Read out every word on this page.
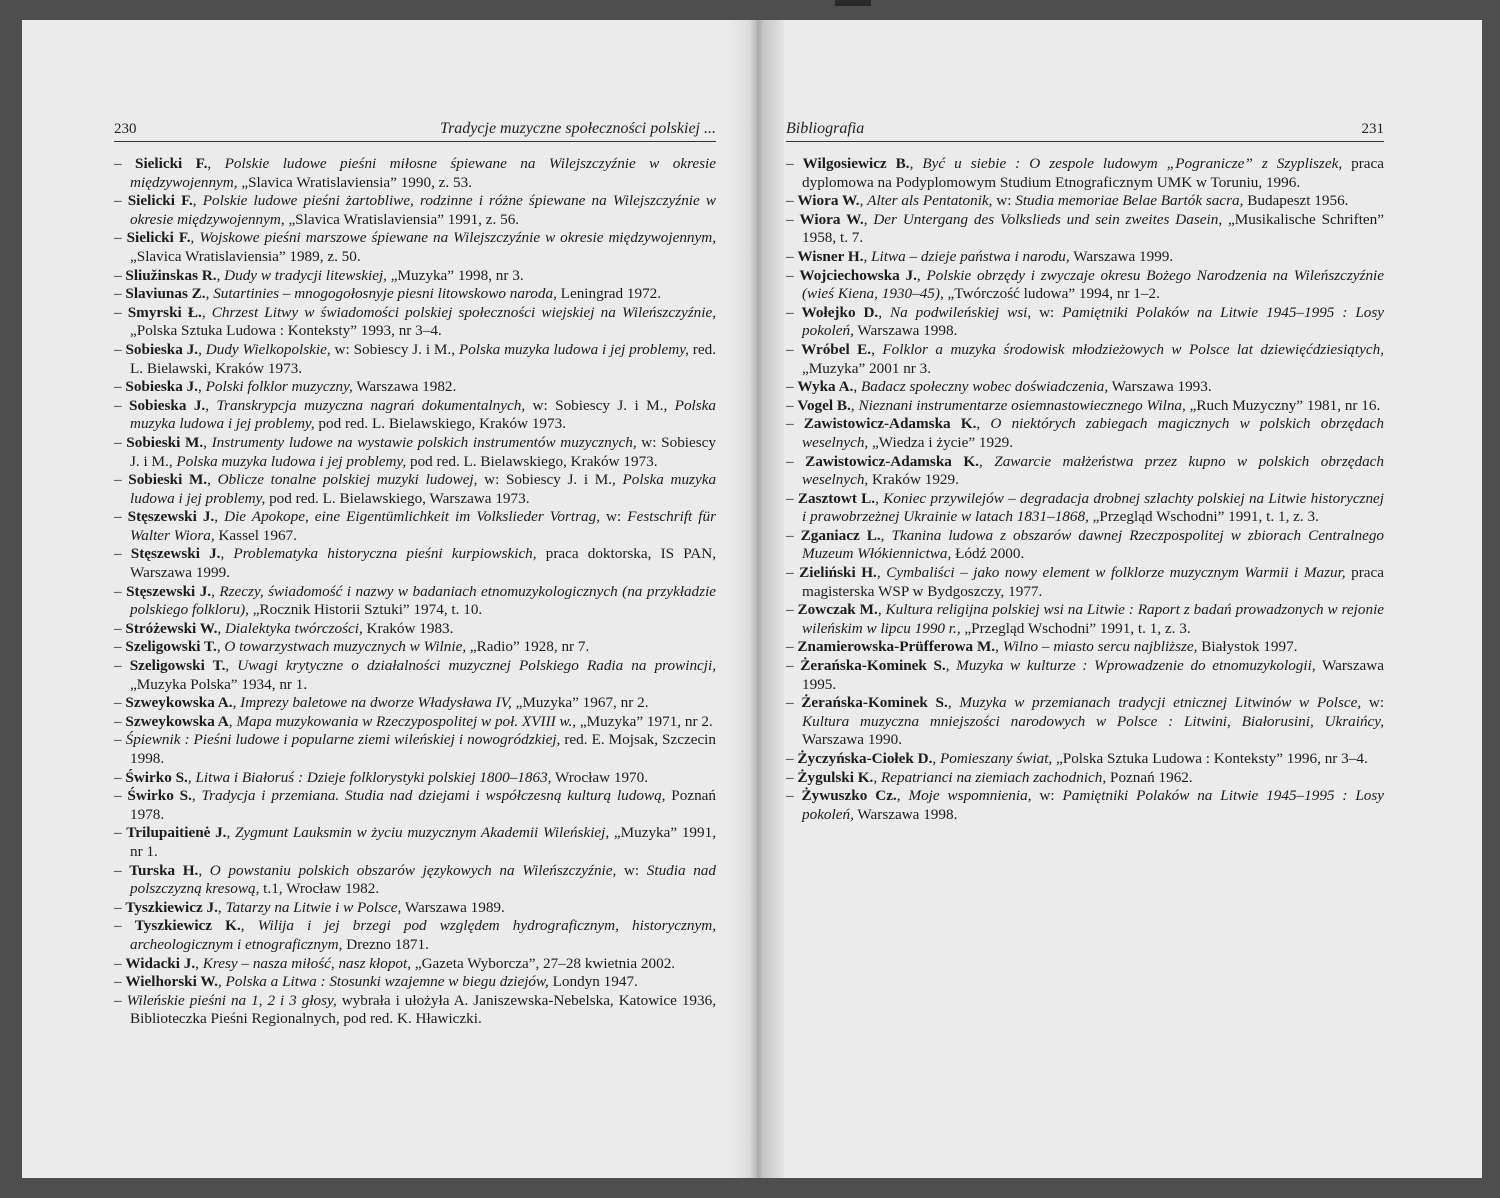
230	Tradycje muzyczne społeczności polskiej ...

– Sielicki F., Polskie ludowe pieśni miłosne śpiewane na Wilejszczyźnie w okresie międzywojennym, „Slavica Wratislaviensia” 1990, z. 53.

– Sielicki F., Polskie ludowe pieśni żartobliwe, rodzinne i różne śpiewane na Wilejszczyźnie w okresie międzywojennym, „Slavica Wratislaviensia” 1991, z. 56.

– Sielicki F., Wojskowe pieśni marszowe śpiewane na Wilejszczyźnie w okresie międzywojennym, „Slavica Wratislaviensia” 1989, z. 50.

– Sliužinskas R., Dudy w tradycji litewskiej, „Muzyka” 1998, nr 3.

– Slaviunas Z., Sutartinies – mnogogołosnyje piesni litowskowo naroda, Leningrad 1972.

– Smyrski Ł., Chrzest Litwy w świadomości polskiej społeczności wiejskiej na Wileńszczyźnie, „Polska Sztuka Ludowa : Konteksty” 1993, nr 3–4.

– Sobieska J., Dudy Wielkopolskie, w: Sobiescy J. i M., Polska muzyka ludowa i jej problemy, red. L. Bielawski, Kraków 1973.

– Sobieska J., Polski folklor muzyczny, Warszawa 1982.

– Sobieska J., Transkrypcja muzyczna nagrań dokumentalnych, w: Sobiescy J. i M., Polska muzyka ludowa i jej problemy, pod red. L. Bielawskiego, Kraków 1973.

– Sobieski M., Instrumenty ludowe na wystawie polskich instrumentów muzycznych, w: Sobiescy J. i M., Polska muzyka ludowa i jej problemy, pod red. L. Bielawskiego, Kraków 1973.

– Sobieski M., Oblicze tonalne polskiej muzyki ludowej, w: Sobiescy J. i M., Polska muzyka ludowa i jej problemy, pod red. L. Bielawskiego, Warszawa 1973.

– Stęszewski J., Die Apokope, eine Eigentümlichkeit im Volkslieder Vortrag, w: Festschrift für Walter Wiora, Kassel 1967.

– Stęszewski J., Problematyka historyczna pieśni kurpiowskich, praca doktorska, IS PAN, Warszawa 1999.

– Stęszewski J., Rzeczy, świadomość i nazwy w badaniach etnomuzykologicznych (na przykładzie polskiego folkloru), „Rocznik Historii Sztuki” 1974, t. 10.

– Stróżewski W., Dialektyka twórczości, Kraków 1983.

– Szeligowski T., O towarzystwach muzycznych w Wilnie, „Radio” 1928, nr 7.

– Szeligowski T., Uwagi krytyczne o działalności muzycznej Polskiego Radia na prowincji, „Muzyka Polska” 1934, nr 1.

– Szweykowska A., Imprezy baletowe na dworze Władysława IV, „Muzyka” 1967, nr 2.

– Szweykowska A, Mapa muzykowania w Rzeczypospolitej w poł. XVIII w., „Muzyka” 1971, nr 2.

– Śpiewnik : Pieśni ludowe i popularne ziemi wileńskiej i nowogródzkiej, red. E. Mojsak, Szczecin 1998.

– Świrko S., Litwa i Białoruś : Dzieje folklorystyki polskiej 1800–1863, Wrocław 1970.

– Świrko S., Tradycja i przemiana. Studia nad dziejami i współczesną kulturą ludową, Poznań 1978.

– Trilupaitienė J., Zygmunt Lauksmin w życiu muzycznym Akademii Wileńskiej, „Muzyka” 1991, nr 1.

– Turska H., O powstaniu polskich obszarów językowych na Wileńszczyźnie, w: Studia nad polszczyzną kresową, t.1, Wrocław 1982.

– Tyszkiewicz J., Tatarzy na Litwie i w Polsce, Warszawa 1989.

– Tyszkiewicz K., Wilija i jej brzegi pod względem hydrograficznym, historycznym, archeologicznym i etnograficznym, Drezno 1871.

– Widacki J., Kresy – nasza miłość, nasz kłopot, „Gazeta Wyborcza”, 27–28 kwietnia 2002.

– Wielhorski W., Polska a Litwa : Stosunki wzajemne w biegu dziejów, Londyn 1947.

– Wileńskie pieśni na 1, 2 i 3 głosy, wybrała i ułożyła A. Janiszewska-Nebelska, Katowice 1936, Biblioteczka Pieśni Regionalnych, pod red. K. Hławiczki.

Bibliografia	231

– Wilgosiewicz B., Być u siebie : O zespole ludowym „Pogranicze” z Szypliszek, praca dyplomowa na Podyplomowym Studium Etnograficznym UMK w Toruniu, 1996.

– Wiora W., Alter als Pentatonik, w: Studia memoriae Belae Bartók sacra, Budapeszt 1956.

– Wiora W., Der Untergang des Volkslieds und sein zweites Dasein, „Musikalische Schriften” 1958, t. 7.

– Wisner H., Litwa – dzieje państwa i narodu, Warszawa 1999.

– Wojciechowska J., Polskie obrzędy i zwyczaje okresu Bożego Narodzenia na Wileńszczyźnie (wieś Kiena, 1930–45), „Twórczość ludowa” 1994, nr 1–2.

– Wołejko D., Na podwileńskiej wsi, w: Pamiętniki Polaków na Litwie 1945–1995 : Losy pokoleń, Warszawa 1998.

– Wróbel E., Folklor a muzyka środowisk młodzieżowych w Polsce lat dziewięćdziesiątych, „Muzyka” 2001 nr 3.

– Wyka A., Badacz społeczny wobec doświadczenia, Warszawa 1993.

– Vogel B., Nieznani instrumentarze osiemnastowiecznego Wilna, „Ruch Muzyczny” 1981, nr 16.

– Zawistowicz-Adamska K., O niektórych zabiegach magicznych w polskich obrzędach weselnych, „Wiedza i życie” 1929.

– Zawistowicz-Adamska K., Zawarcie małżeństwa przez kupno w polskich obrzędach weselnych, Kraków 1929.

– Zasztowt L., Koniec przywilejów – degradacja drobnej szlachty polskiej na Litwie historycznej i prawobrzeżnej Ukrainie w latach 1831–1868, „Przegląd Wschodni” 1991, t. 1, z. 3.

– Zganiacz L., Tkanina ludowa z obszarów dawnej Rzeczpospolitej w zbiorach Centralnego Muzeum Włókiennictwa, Łódź 2000.

– Zieliński H., Cymbaliści – jako nowy element w folklorze muzycznym Warmii i Mazur, praca magisterska WSP w Bydgoszczy, 1977.

– Zowczak M., Kultura religijna polskiej wsi na Litwie : Raport z badań prowadzonych w rejonie wileńskim w lipcu 1990 r., „Przegląd Wschodni” 1991, t. 1, z. 3.

– Znamierowska-Prüfferowa M., Wilno – miasto sercu najbliższe, Białystok 1997.

– Żerańska-Kominek S., Muzyka w kulturze : Wprowadzenie do etnomuzykologii, Warszawa 1995.

– Żerańska-Kominek S., Muzyka w przemianach tradycji etnicznej Litwinów w Polsce, w: Kultura muzyczna mniejszości narodowych w Polsce : Litwini, Białorusini, Ukraińcy, Warszawa 1990.

– Życzyńska-Ciołek D., Pomieszany świat, „Polska Sztuka Ludowa : Konteksty” 1996, nr 3–4.

– Żygulski K., Repatrianci na ziemiach zachodnich, Poznań 1962.

– Żywuszko Cz., Moje wspomnienia, w: Pamiętniki Polaków na Litwie 1945–1995 : Losy pokoleń, Warszawa 1998.
